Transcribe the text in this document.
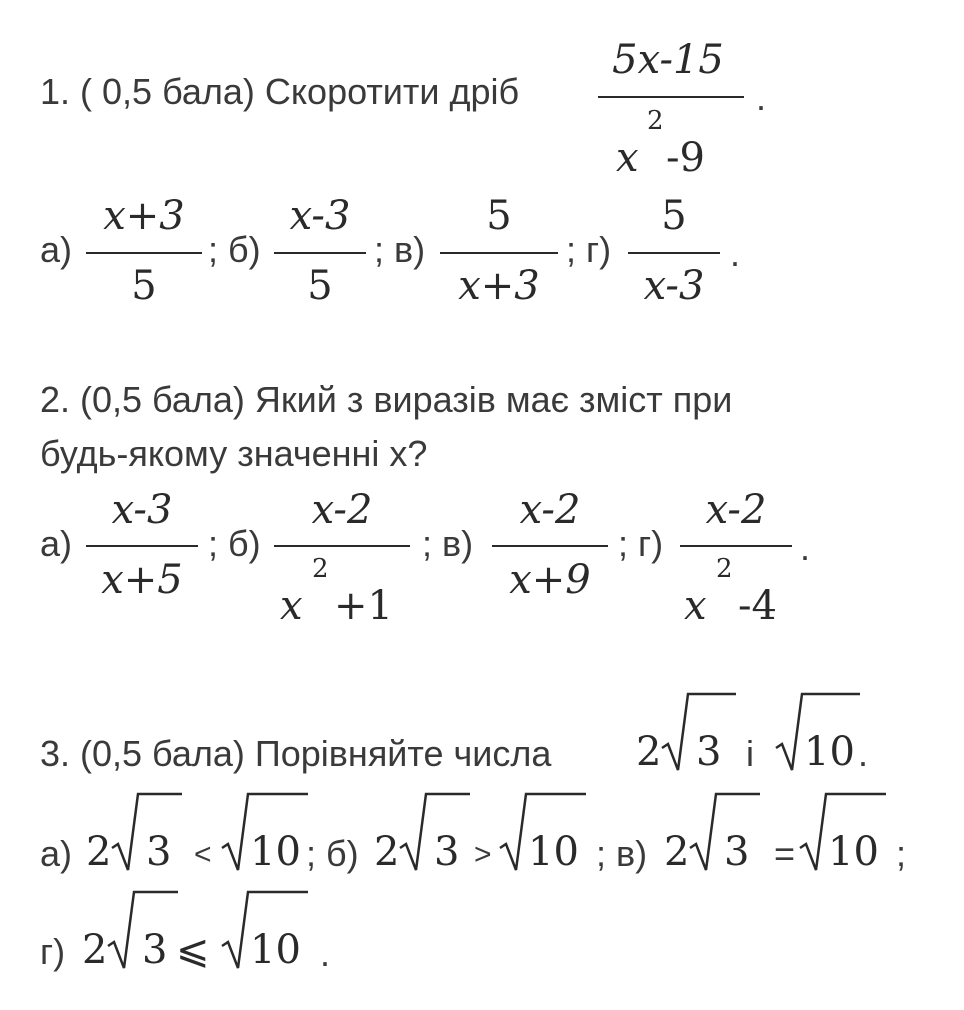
1. ( 0,5 бала) Скоротити дріб
5x-15
x
2
-9
.
а)
x+3
5
; б)
x-3
5
; в)
5
x+3
; г)
5
x-3
.
2. (0,5 бала) Який з виразів має зміст при
будь-якому значенні х?
а)
x-3
x+5
; б)
x-2
x
2
+1
; в)
x-2
x+9
; г)
x-2
x
2
-4
.
3. (0,5 бала) Порівняйте числа 2 3 і 10 .
а) 2 3 < 10 ; б) 2 3 > 10 ; в) 2 3 = 10 ;
г) 2 3 ⩽ 10 .
